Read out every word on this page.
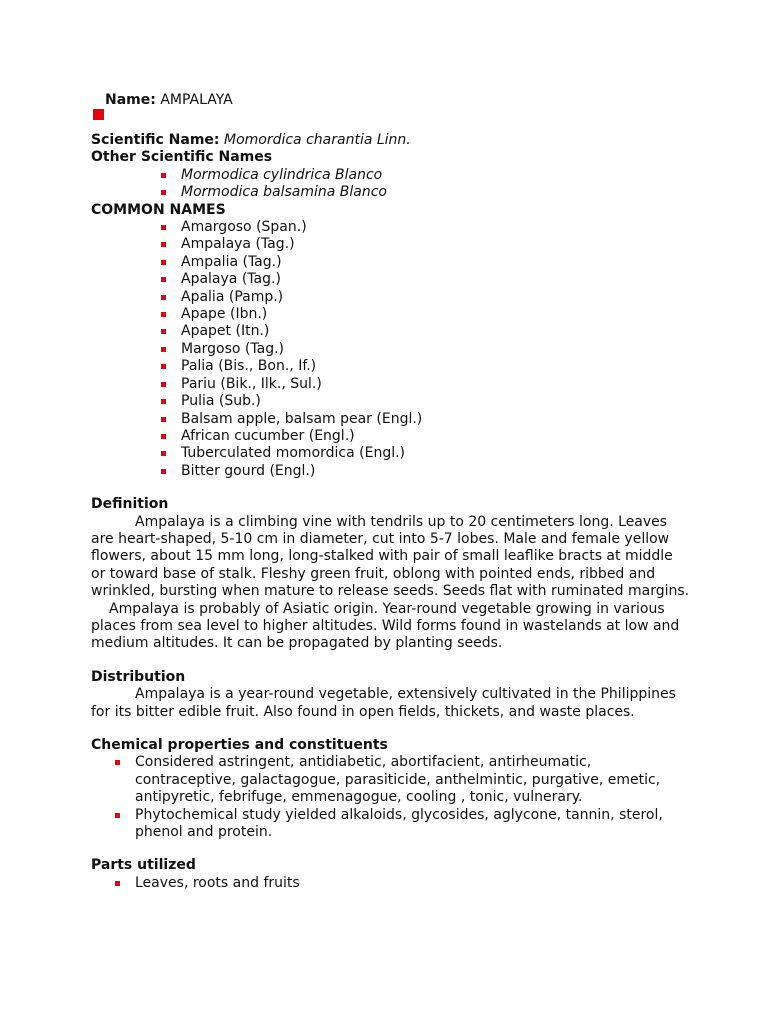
Name: AMPALAYA
Scientific Name: Momordica charantia Linn.
Other Scientific Names
Mormodica cylindrica Blanco
Mormodica balsamina Blanco
COMMON NAMES
Amargoso (Span.)
Ampalaya (Tag.)
Ampalia (Tag.)
Apalaya (Tag.)
Apalia (Pamp.)
Apape (Ibn.)
Apapet (Itn.)
Margoso (Tag.)
Palia (Bis., Bon., If.)
Pariu (Bik., Ilk., Sul.)
Pulia (Sub.)
Balsam apple, balsam pear (Engl.)
African cucumber (Engl.)
Tuberculated momordica (Engl.)
Bitter gourd (Engl.)
Definition

Ampalaya is a climbing vine with tendrils up to 20 centimeters long. Leaves are heart-shaped, 5-10 cm in diameter, cut into 5-7 lobes. Male and female yellow flowers, about 15 mm long, long-stalked with pair of small leaflike bracts at middle or toward base of stalk. Fleshy green fruit, oblong with pointed ends, ribbed and wrinkled, bursting when mature to release seeds. Seeds flat with ruminated margins.

Ampalaya is probably of Asiatic origin. Year-round vegetable growing in various places from sea level to higher altitudes. Wild forms found in wastelands at low and medium altitudes. It can be propagated by planting seeds.

Distribution

Ampalaya is a year-round vegetable, extensively cultivated in the Philippines for its bitter edible fruit. Also found in open fields, thickets, and waste places.

Chemical properties and constituents
Considered astringent, antidiabetic, abortifacient, antirheumatic, contraceptive, galactagogue, parasiticide, anthelmintic, purgative, emetic, antipyretic, febrifuge, emmenagogue, cooling , tonic, vulnerary.
Phytochemical study yielded alkaloids, glycosides, aglycone, tannin, sterol, phenol and protein.
Parts utilized
Leaves, roots and fruits
